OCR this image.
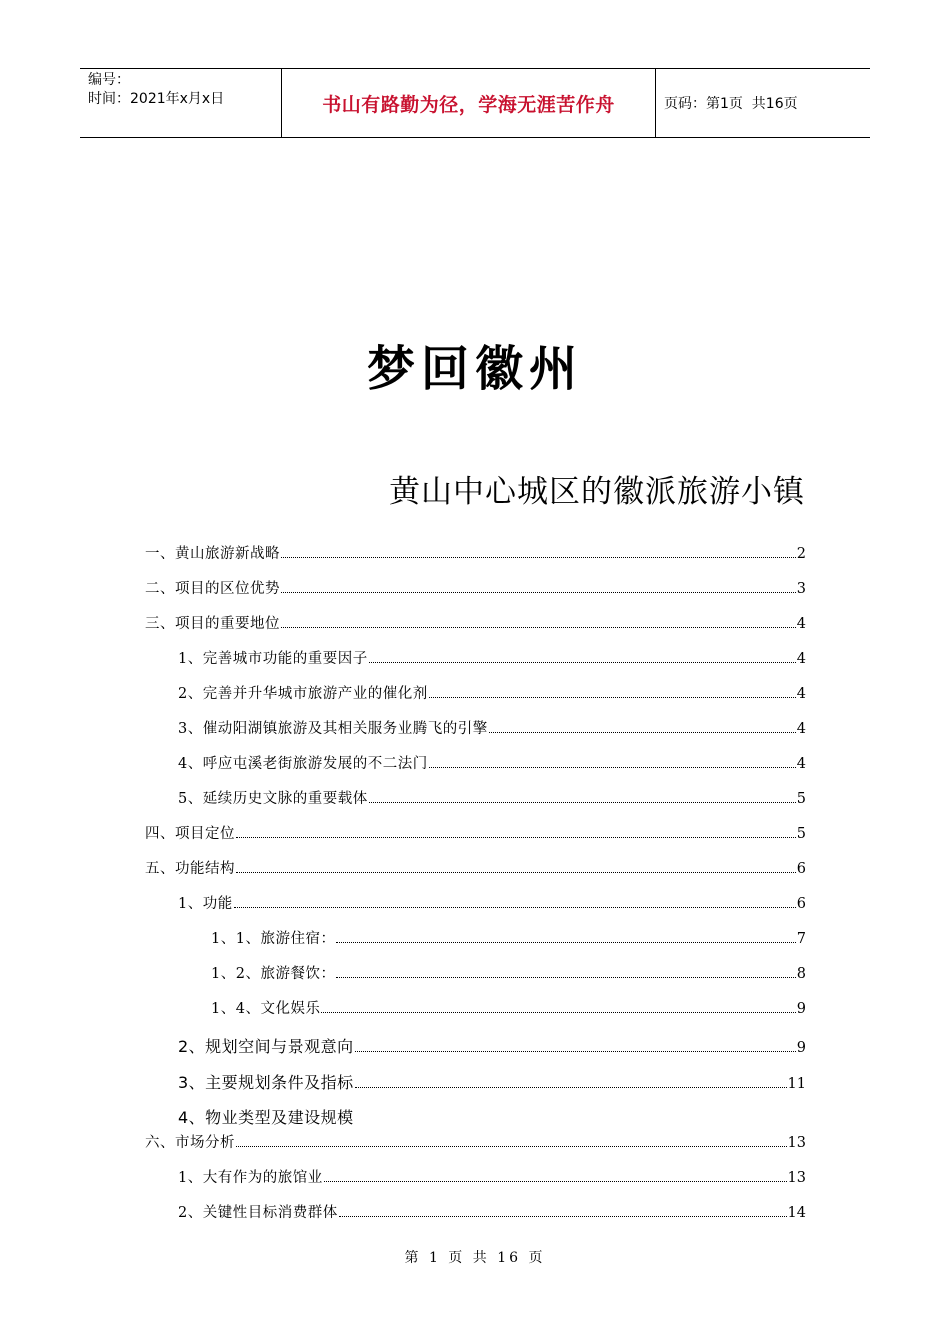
编号：
时间：2021年x月x日	书山有路勤为径，学海无涯苦作舟	页码：第1页  共16页
梦回徽州
黄山中心城区的徽派旅游小镇
一、黄山旅游新战略	2
二、项目的区位优势	3
三、项目的重要地位	4
1、完善城市功能的重要因子	4
2、完善并升华城市旅游产业的催化剂	4
3、催动阳湖镇旅游及其相关服务业腾飞的引擎	4
4、呼应屯溪老街旅游发展的不二法门	4
5、延续历史文脉的重要载体	5
四、项目定位	5
五、功能结构	6
1、功能	6
1、1、旅游住宿：	7
1、2、旅游餐饮：	8
1、4、文化娱乐	9
2、规划空间与景观意向	9
3、主要规划条件及指标	11
4、物业类型及建设规模
六、市场分析	13
1、大有作为的旅馆业	13
2、关键性目标消费群体	14
第 1 页 共 16 页
